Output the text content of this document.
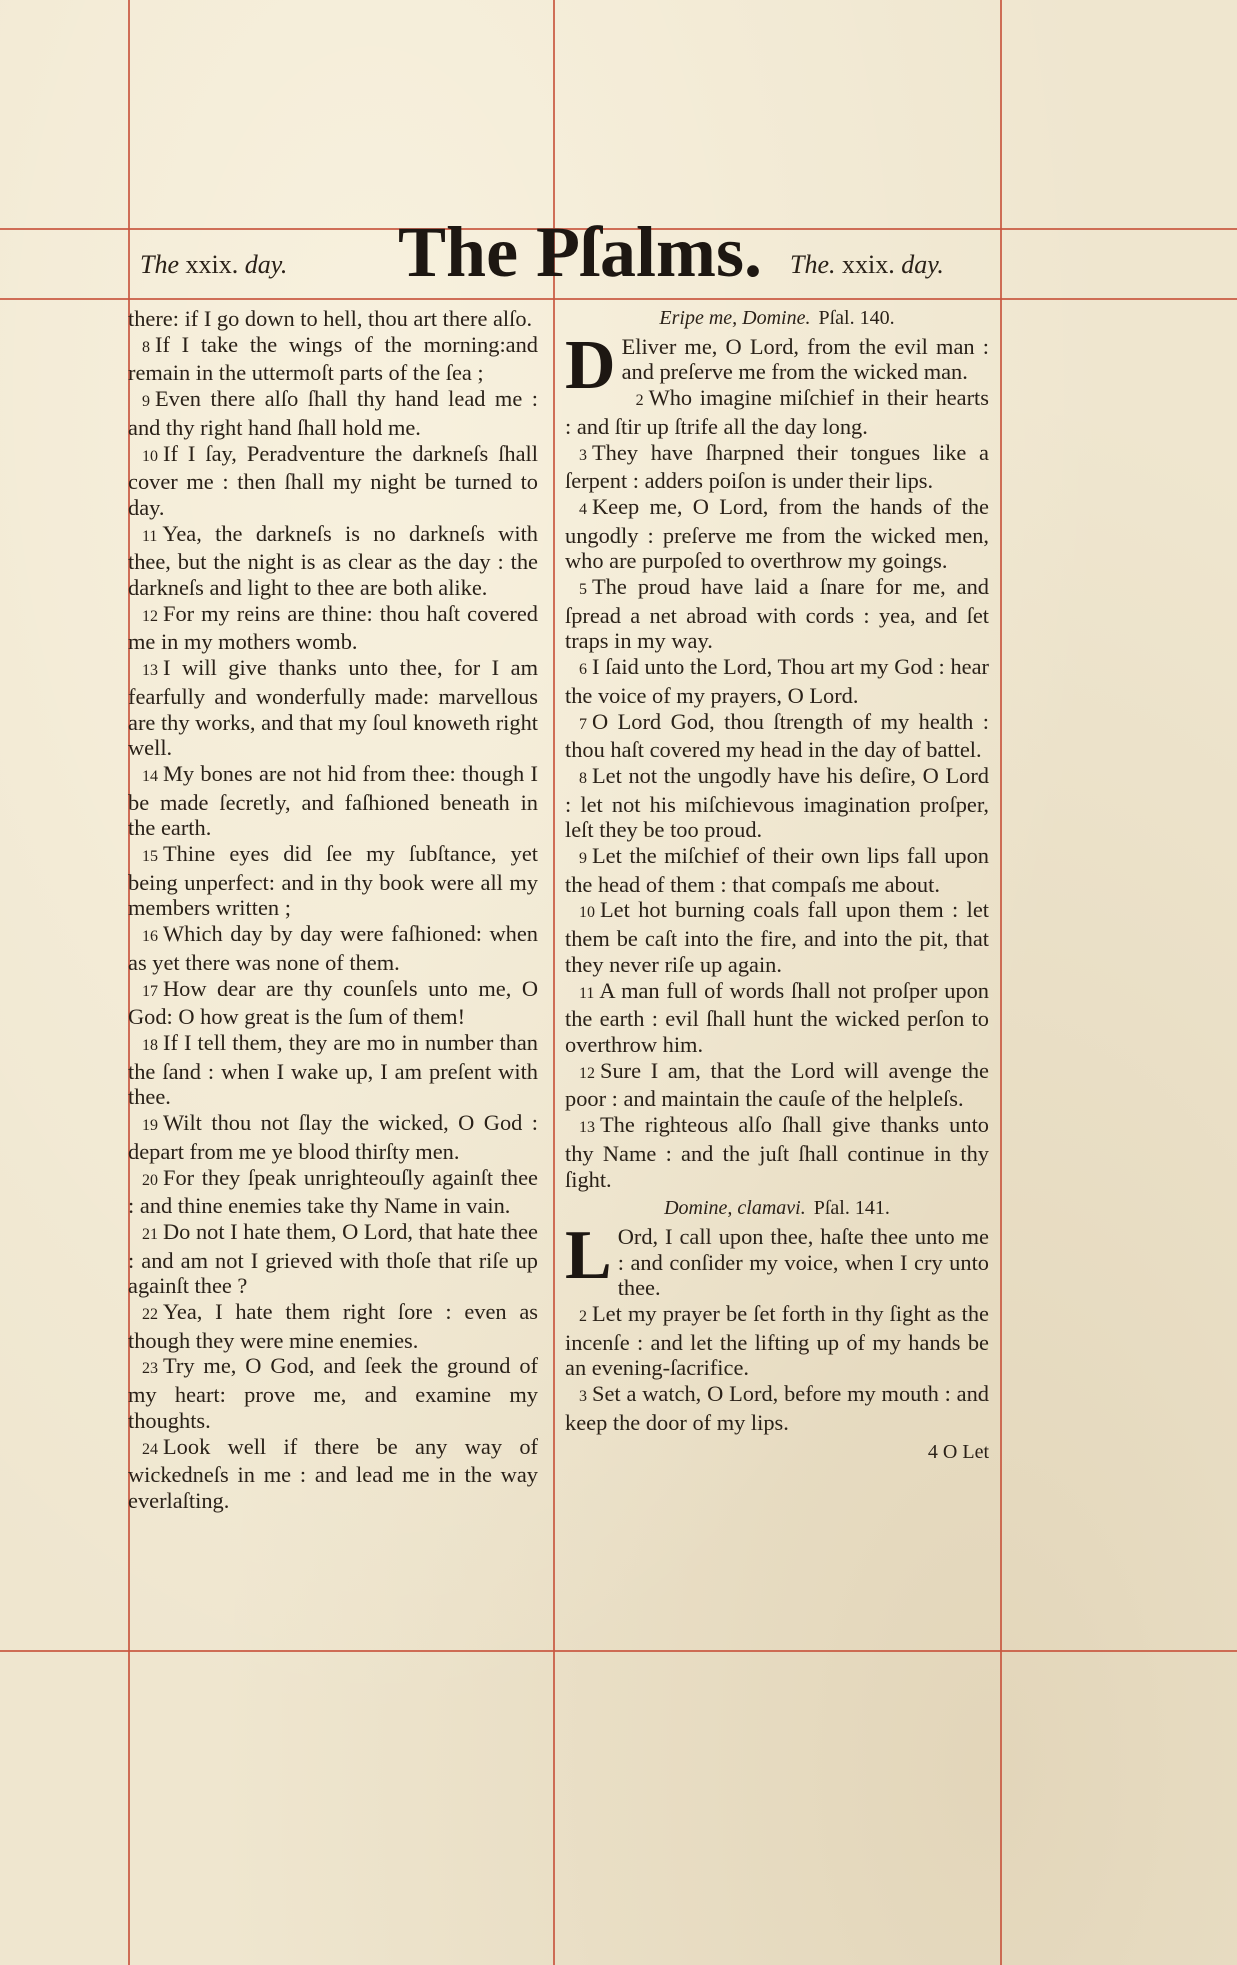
The xxix. day. The Pſalms. The. xxix. day.

there: if I go down to hell, thou art there alſo.

8 If I take the wings of the morning:and remain in the uttermoſt parts of the ſea ;

9 Even there alſo ſhall thy hand lead me : and thy right hand ſhall hold me.

10 If I ſay, Peradventure the darkneſs ſhall cover me : then ſhall my night be turned to day.

11 Yea, the darkneſs is no darkneſs with thee, but the night is as clear as the day : the darkneſs and light to thee are both alike.

12 For my reins are thine: thou haſt covered me in my mothers womb.

13 I will give thanks unto thee, for I am fearfully and wonderfully made: marvellous are thy works, and that my ſoul knoweth right well.

14 My bones are not hid from thee: though I be made ſecretly, and faſhioned beneath in the earth.

15 Thine eyes did ſee my ſubſtance, yet being unperfect: and in thy book were all my members written ;

16 Which day by day were faſhioned: when as yet there was none of them.

17 How dear are thy counſels unto me, O God: O how great is the ſum of them!

18 If I tell them, they are mo in number than the ſand : when I wake up, I am preſent with thee.

19 Wilt thou not ſlay the wicked, O God : depart from me ye blood thirſty men.

20 For they ſpeak unrighteouſly againſt thee : and thine enemies take thy Name in vain.

21 Do not I hate them, O Lord, that hate thee : and am not I grieved with thoſe that riſe up againſt thee ?

22 Yea, I hate them right ſore : even as though they were mine enemies.

23 Try me, O God, and ſeek the ground of my heart: prove me, and examine my thoughts.

24 Look well if there be any way of wickedneſs in me : and lead me in the way everlaſting.

Eripe me, Domine. Pſal. 140.

D Eliver me, O Lord, from the evil man : and preſerve me from the wicked man.

2 Who imagine miſchief in their hearts : and ſtir up ſtrife all the day long.

3 They have ſharpned their tongues like a ſerpent : adders poiſon is under their lips.

4 Keep me, O Lord, from the hands of the ungodly : preſerve me from the wicked men, who are purpoſed to overthrow my goings.

5 The proud have laid a ſnare for me, and ſpread a net abroad with cords : yea, and ſet traps in my way.

6 I ſaid unto the Lord, Thou art my God : hear the voice of my prayers, O Lord.

7 O Lord God, thou ſtrength of my health : thou haſt covered my head in the day of battel.

8 Let not the ungodly have his deſire, O Lord : let not his miſchievous imagination proſper, leſt they be too proud.

9 Let the miſchief of their own lips fall upon the head of them : that compaſs me about.

10 Let hot burning coals fall upon them : let them be caſt into the fire, and into the pit, that they never riſe up again.

11 A man full of words ſhall not proſper upon the earth : evil ſhall hunt the wicked perſon to overthrow him.

12 Sure I am, that the Lord will avenge the poor : and maintain the cauſe of the helpleſs.

13 The righteous alſo ſhall give thanks unto thy Name : and the juſt ſhall continue in thy ſight.

Domine, clamavi. Pſal. 141.

L Ord, I call upon thee, haſte thee unto me : and conſider my voice, when I cry unto thee.

2 Let my prayer be ſet forth in thy ſight as the incenſe : and let the lifting up of my hands be an evening-ſacrifice.

3 Set a watch, O Lord, before my mouth : and keep the door of my lips.

4 O Let
